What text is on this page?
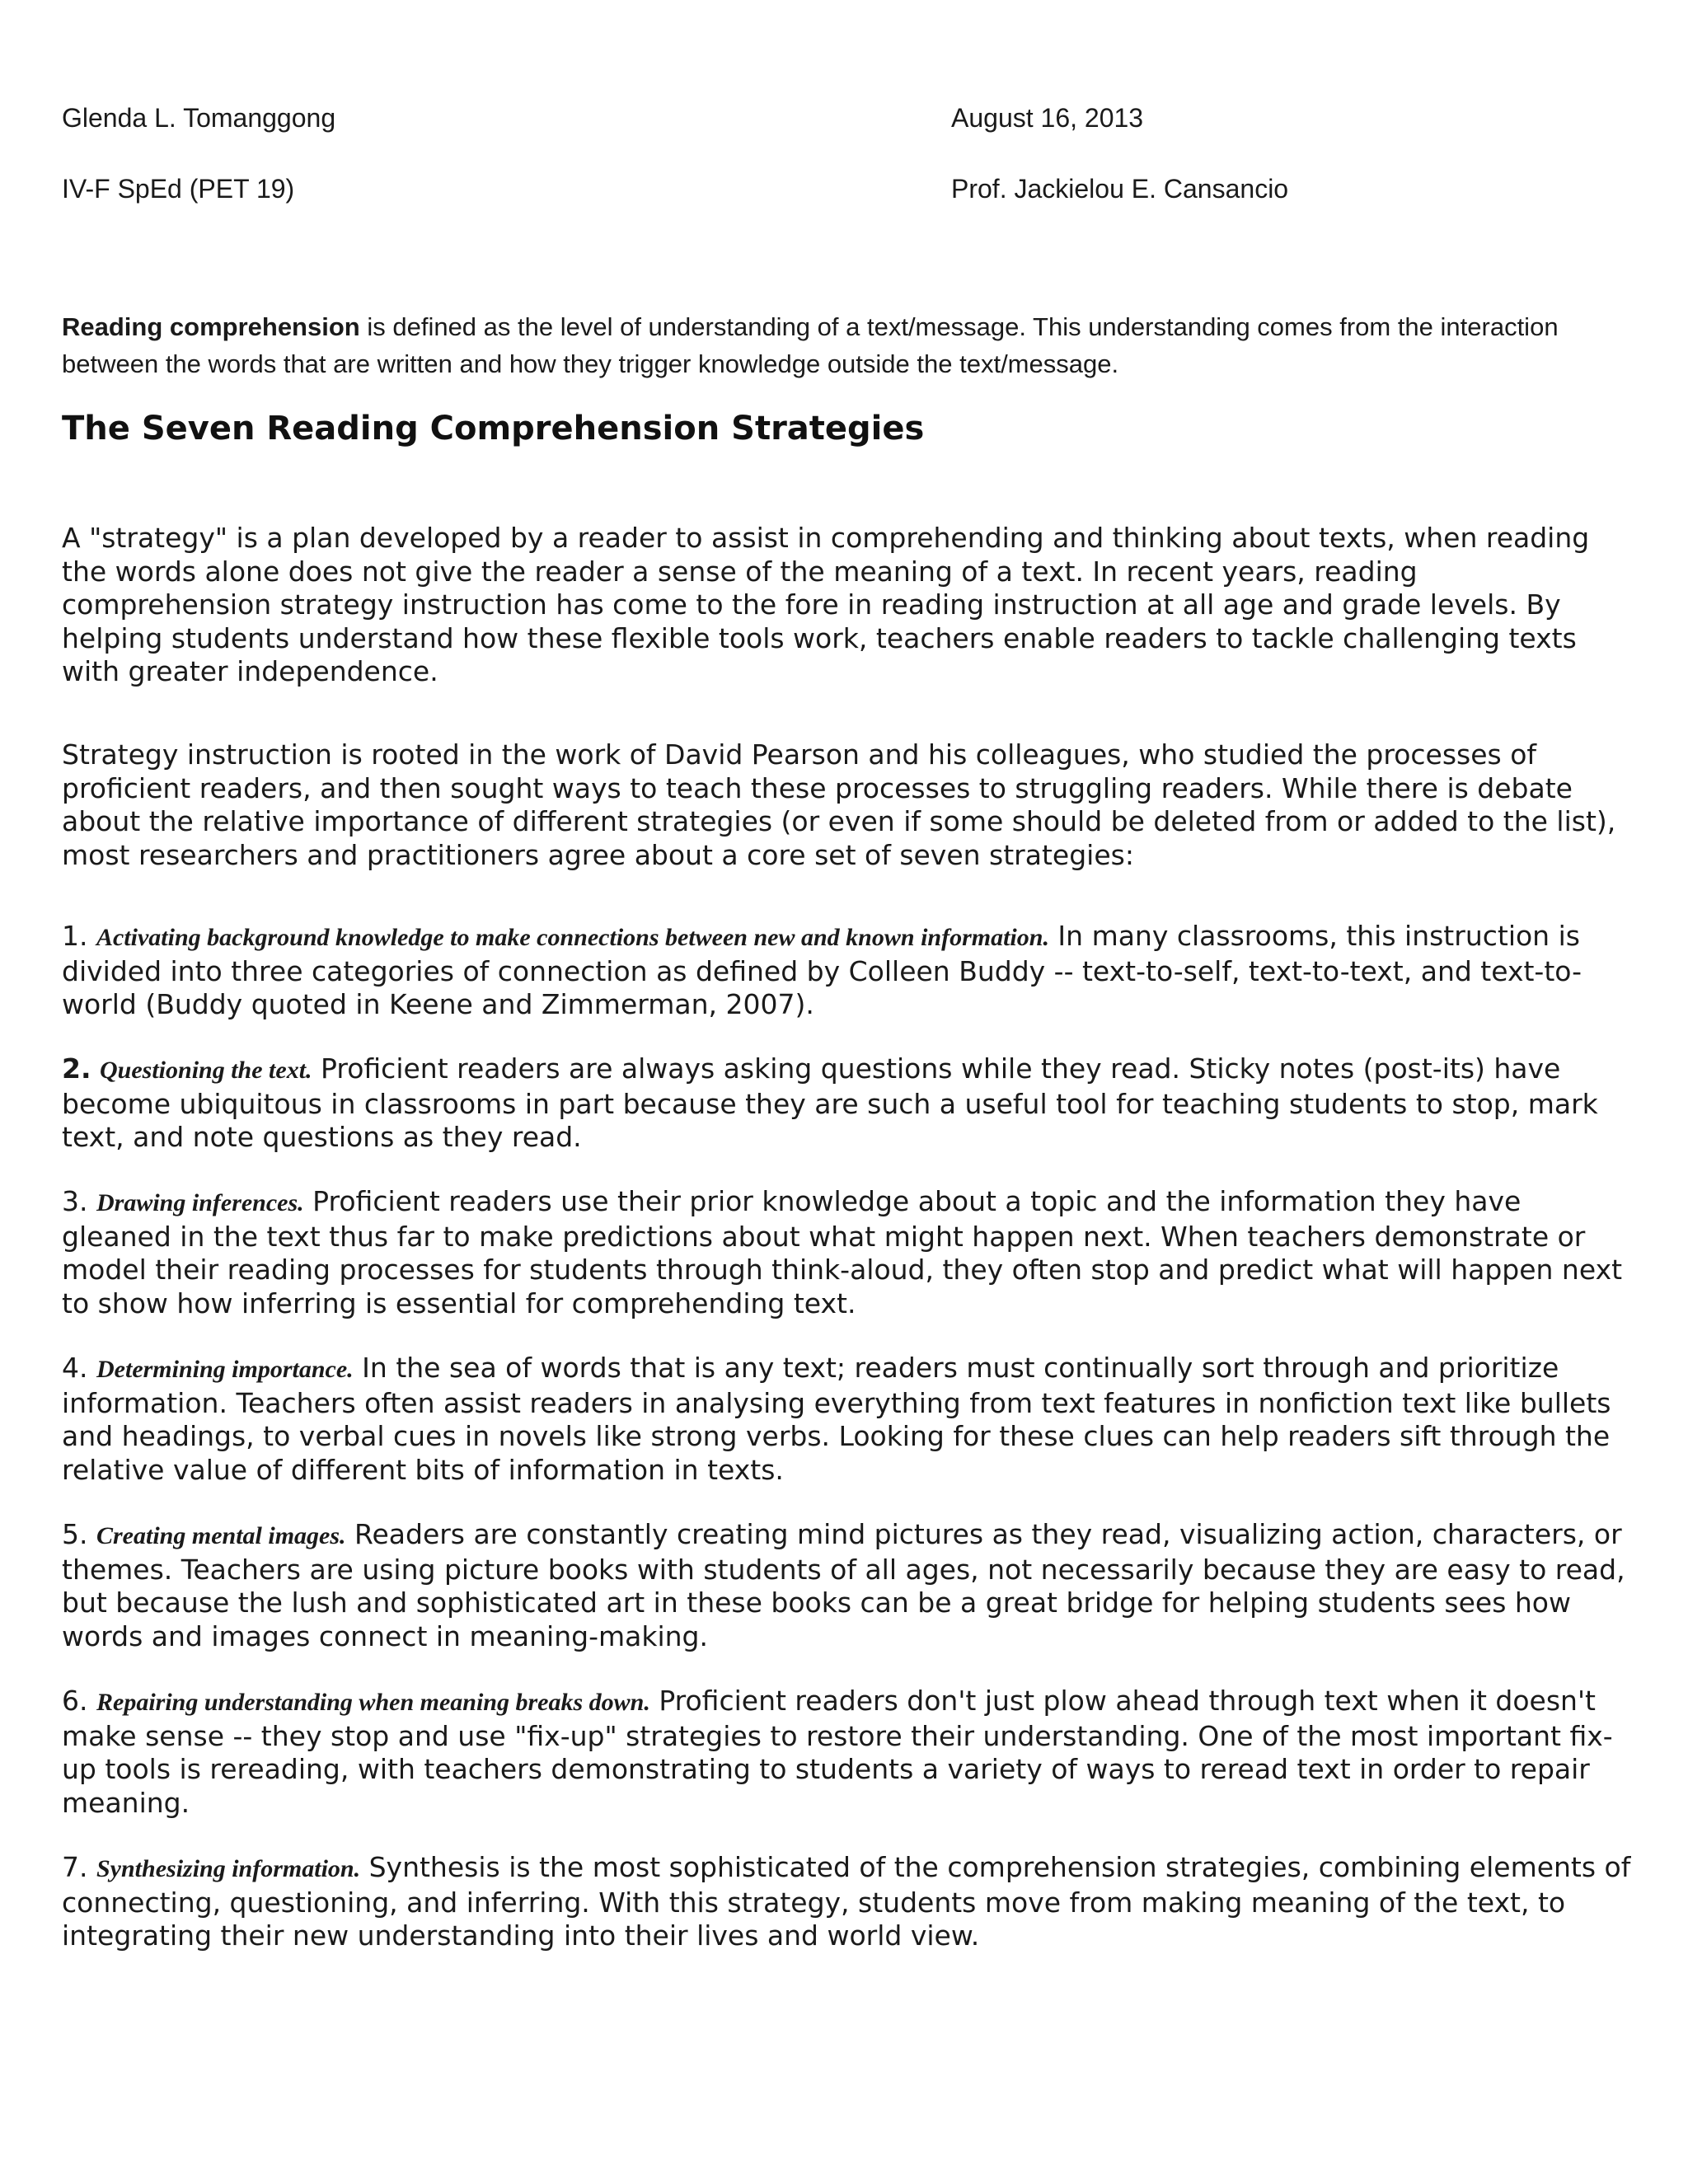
Glenda L. Tomanggong	August 16, 2013
IV-F SpEd (PET 19)	Prof. Jackielou E. Cansancio
Reading comprehension is defined as the level of understanding of a text/message. This understanding comes from the interaction between the words that are written and how they trigger knowledge outside the text/message.
The Seven Reading Comprehension Strategies

A "strategy" is a plan developed by a reader to assist in comprehending and thinking about texts, when reading the words alone does not give the reader a sense of the meaning of a text. In recent years, reading comprehension strategy instruction has come to the fore in reading instruction at all age and grade levels. By helping students understand how these flexible tools work, teachers enable readers to tackle challenging texts with greater independence.

Strategy instruction is rooted in the work of David Pearson and his colleagues, who studied the processes of proficient readers, and then sought ways to teach these processes to struggling readers. While there is debate about the relative importance of different strategies (or even if some should be deleted from or added to the list), most researchers and practitioners agree about a core set of seven strategies:

1. Activating background knowledge to make connections between new and known information. In many classrooms, this instruction is divided into three categories of connection as defined by Colleen Buddy -- text-to-self, text-to-text, and text-to-world (Buddy quoted in Keene and Zimmerman, 2007).

2. Questioning the text. Proficient readers are always asking questions while they read. Sticky notes (post-its) have become ubiquitous in classrooms in part because they are such a useful tool for teaching students to stop, mark text, and note questions as they read.

3. Drawing inferences. Proficient readers use their prior knowledge about a topic and the information they have gleaned in the text thus far to make predictions about what might happen next. When teachers demonstrate or model their reading processes for students through think-aloud, they often stop and predict what will happen next to show how inferring is essential for comprehending text.

4. Determining importance. In the sea of words that is any text; readers must continually sort through and prioritize information. Teachers often assist readers in analysing everything from text features in nonfiction text like bullets and headings, to verbal cues in novels like strong verbs. Looking for these clues can help readers sift through the relative value of different bits of information in texts.

5. Creating mental images. Readers are constantly creating mind pictures as they read, visualizing action, characters, or themes. Teachers are using picture books with students of all ages, not necessarily because they are easy to read, but because the lush and sophisticated art in these books can be a great bridge for helping students sees how words and images connect in meaning-making.

6. Repairing understanding when meaning breaks down. Proficient readers don't just plow ahead through text when it doesn't make sense -- they stop and use "fix-up" strategies to restore their understanding. One of the most important fix-up tools is rereading, with teachers demonstrating to students a variety of ways to reread text in order to repair meaning.

7. Synthesizing information. Synthesis is the most sophisticated of the comprehension strategies, combining elements of connecting, questioning, and inferring. With this strategy, students move from making meaning of the text, to integrating their new understanding into their lives and world view.
